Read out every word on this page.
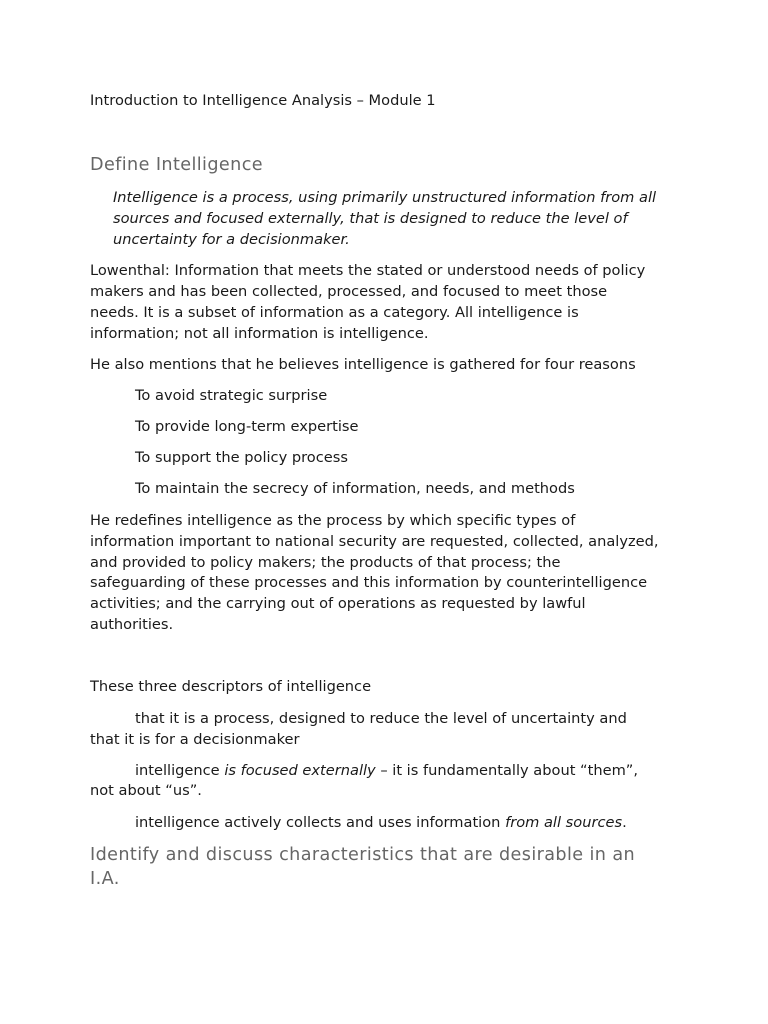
Introduction to Intelligence Analysis – Module 1

Define Intelligence

Intelligence is a process, using primarily unstructured information from all

sources and focused externally, that is designed to reduce the level of

uncertainty for a decisionmaker.

Lowenthal: Information that meets the stated or understood needs of policy

makers and has been collected, processed, and focused to meet those

needs. It is a subset of information as a category. All intelligence is

information; not all information is intelligence.

He also mentions that he believes intelligence is gathered for four reasons

To avoid strategic surprise

To provide long-term expertise

To support the policy process

To maintain the secrecy of information, needs, and methods

He redefines intelligence as the process by which specific types of

information important to national security are requested, collected, analyzed,

and provided to policy makers; the products of that process; the

safeguarding of these processes and this information by counterintelligence

activities; and the carrying out of operations as requested by lawful

authorities.

These three descriptors of intelligence

that it is a process, designed to reduce the level of uncertainty and

that it is for a decisionmaker

intelligence is focused externally – it is fundamentally about “them”,

not about “us”.

intelligence actively collects and uses information from all sources.

Identify and discuss characteristics that are desirable in an

I.A.
